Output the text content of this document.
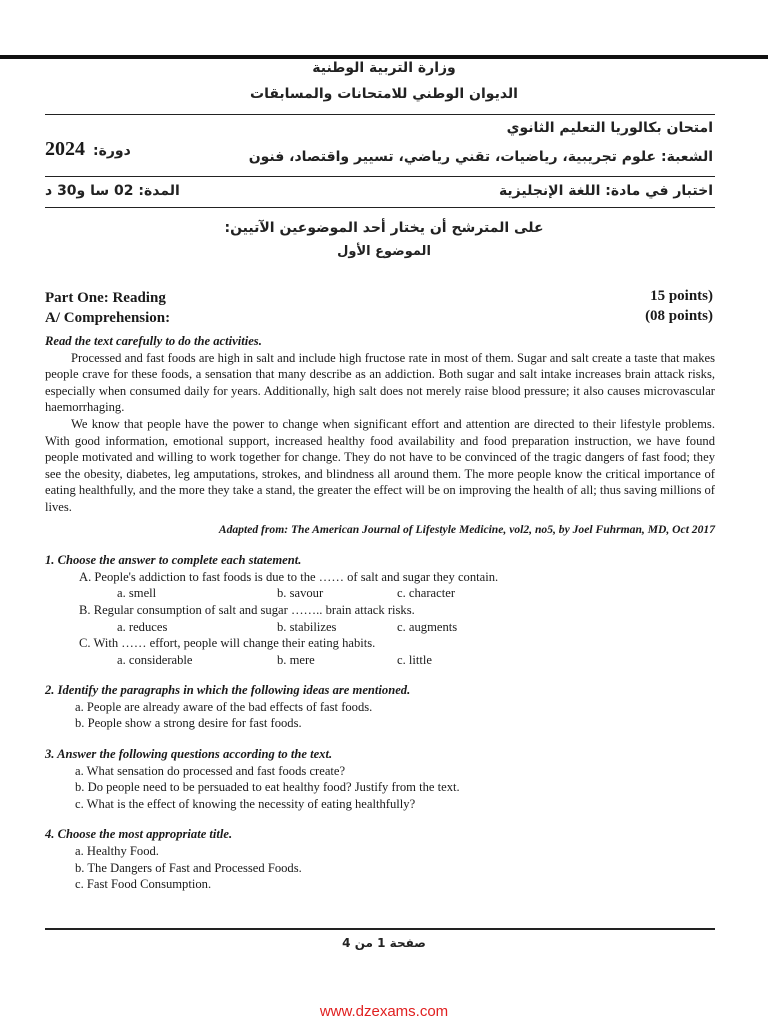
وزارة التربية الوطنية
الديوان الوطني للامتحانات والمسابقات
امتحان بكالوريا التعليم الثانوي
الشعبة: علوم تجريبية، رياضيات، تقني رياضي، تسيير واقتصاد، فنون
2024 دورة:
اختبار في مادة: اللغة الإنجليزية
المدة: 02 سا و30 د
على المترشح أن يختار أحد الموضوعين الآتيين:
الموضوع الأول
Part One: Reading
A/ Comprehension:
15 points)
(08 points)

Read the text carefully to do the activities.

Processed and fast foods are high in salt and include high fructose rate in most of them. Sugar and salt create a taste that makes people crave for these foods, a sensation that many describe as an addiction. Both sugar and salt intake increases brain attack risks, especially when consumed daily for years. Additionally, high salt does not merely raise blood pressure; it also causes microvascular haemorrhaging.

We know that people have the power to change when significant effort and attention are directed to their lifestyle problems. With good information, emotional support, increased healthy food availability and food preparation instruction, we have found people motivated and willing to work together for change. They do not have to be convinced of the tragic dangers of fast food; they see the obesity, diabetes, leg amputations, strokes, and blindness all around them. The more people know the critical importance of eating healthfully, and the more they take a stand, the greater the effect will be on improving the health of all; thus saving millions of lives.

Adapted from: The American Journal of Lifestyle Medicine, vol2, no5, by Joel Fuhrman, MD, Oct 2017

1. Choose the answer to complete each statement.

A. People's addiction to fast foods is due to the …… of salt and sugar they contain.

a. smell	b. savour	c. character

B. Regular consumption of salt and sugar …….. brain attack risks.

a. reduces	b. stabilizes	c. augments

C. With …… effort, people will change their eating habits.

a. considerable	b. mere	c. little

2. Identify the paragraphs in which the following ideas are mentioned.

a. People are already aware of the bad effects of fast foods.

b. People show a strong desire for fast foods.

3. Answer the following questions according to the text.

a. What sensation do processed and fast foods create?

b. Do people need to be persuaded to eat healthy food? Justify from the text.

c. What is the effect of knowing the necessity of eating healthfully?

4. Choose the most appropriate title.

a. Healthy Food.

b. The Dangers of Fast and Processed Foods.

c. Fast Food Consumption.

صفحة 1 من 4
www.dzexams.com
